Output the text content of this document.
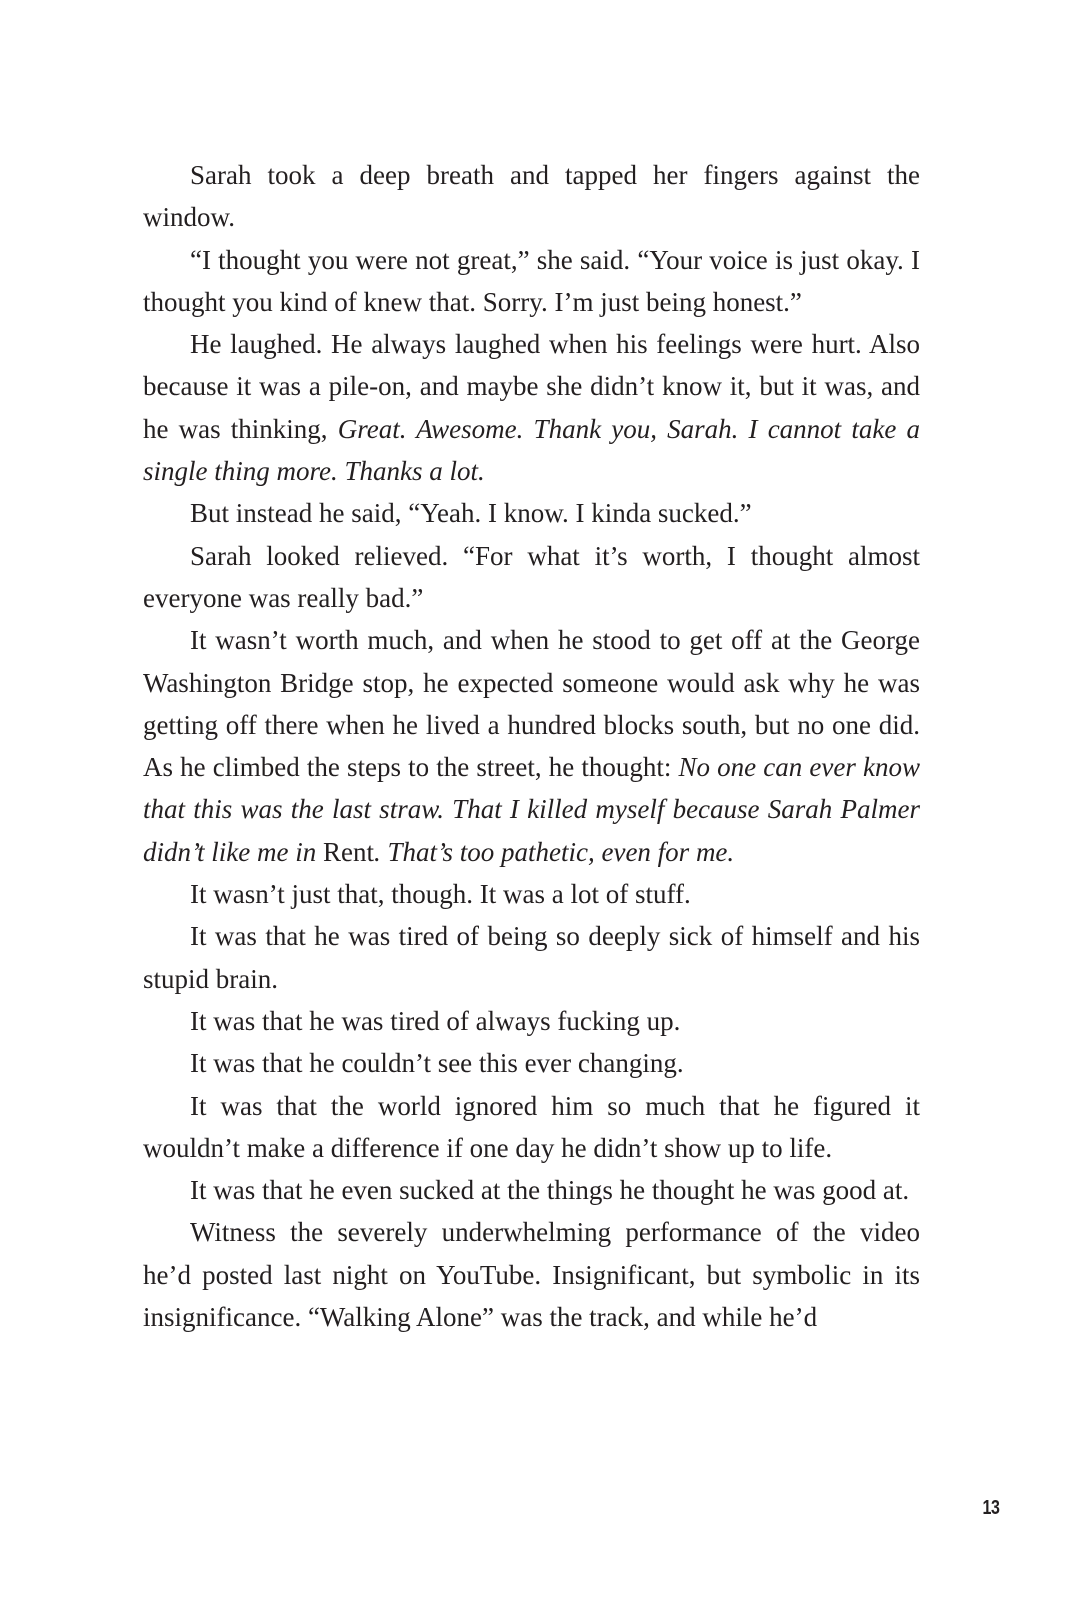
Sarah took a deep breath and tapped her fingers against the window.

“I thought you were not great,” she said. “Your voice is just okay. I thought you kind of knew that. Sorry. I’m just being honest.”

He laughed. He always laughed when his feelings were hurt. Also because it was a pile-on, and maybe she didn’t know it, but it was, and he was thinking, Great. Awesome. Thank you, Sarah. I cannot take a single thing more. Thanks a lot.

But instead he said, “Yeah. I know. I kinda sucked.”

Sarah looked relieved. “For what it’s worth, I thought almost everyone was really bad.”

It wasn’t worth much, and when he stood to get off at the George Washington Bridge stop, he expected someone would ask why he was getting off there when he lived a hundred blocks south, but no one did. As he climbed the steps to the street, he thought: No one can ever know that this was the last straw. That I killed myself because Sarah Palmer didn’t like me in Rent. That’s too pathetic, even for me.

It wasn’t just that, though. It was a lot of stuff.

It was that he was tired of being so deeply sick of himself and his stupid brain.

It was that he was tired of always fucking up.

It was that he couldn’t see this ever changing.

It was that the world ignored him so much that he figured it wouldn’t make a difference if one day he didn’t show up to life.

It was that he even sucked at the things he thought he was good at.

Witness the severely underwhelming performance of the video he’d posted last night on YouTube. Insignificant, but symbolic in its insignificance. “Walking Alone” was the track, and while he’d

13
